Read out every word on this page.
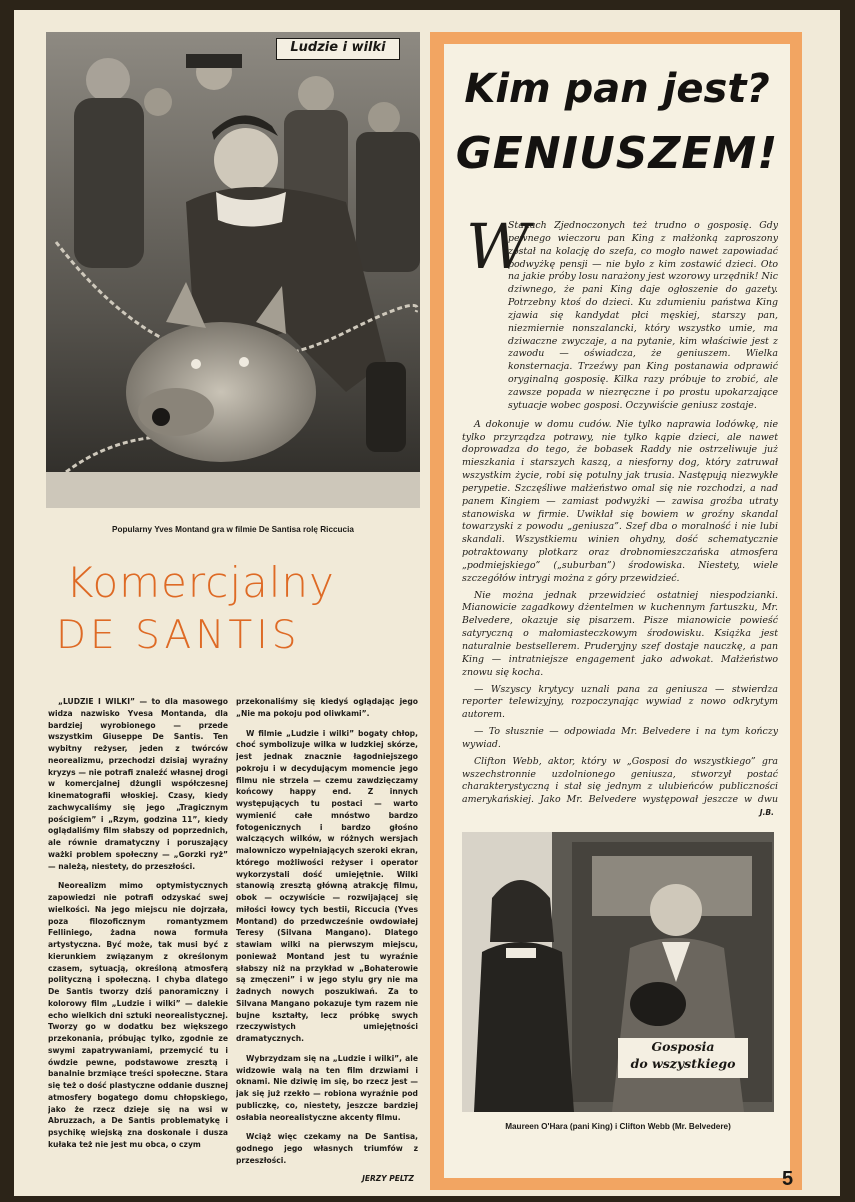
Ludzie i wilki
Popularny Yves Montand gra w filmie De Santisa rolę Riccucia
Komercjalny
DE SANTIS

„LUDZIE I WILKI” — to dla masowego widza nazwisko Yvesa Montanda, dla bardziej wyrobionego — przede wszystkim Giuseppe De Santis. Ten wybitny reżyser, jeden z twórców neorealizmu, przechodzi dzisiaj wyraźny kryzys — nie potrafi znaleźć własnej drogi w komercjalnej dżungli współczesnej kinematografii włoskiej. Czasy, kiedy zachwycaliśmy się jego „Tragicznym pościgiem” i „Rzym, godzina 11”, kiedy oglądaliśmy film słabszy od poprzednich, ale równie dramatyczny i poruszający ważki problem społeczny — „Gorzki ryż” — należą, niestety, do przeszłości.

Neorealizm mimo optymistycznych zapowiedzi nie potrafi odzyskać swej wielkości. Na jego miejscu nie dojrzała, poza filozoficznym romantyzmem Felliniego, żadna nowa formuła artystyczna. Być może, tak musi być z kierunkiem związanym z określonym czasem, sytuacją, określoną atmosferą polityczną i społeczną. I chyba dlatego De Santis tworzy dziś panoramiczny i kolorowy film „Ludzie i wilki” — dalekie echo wielkich dni sztuki neorealistycznej. Tworzy go w dodatku bez większego przekonania, próbując tylko, zgodnie ze swymi zapatrywaniami, przemycić tu i ówdzie pewne, podstawowe zresztą i banalnie brzmiące treści społeczne. Stara się też o dość plastyczne oddanie dusznej atmosfery bogatego domu chłopskiego, jako że rzecz dzieje się na wsi w Abruzzach, a De Santis problematykę i psychikę wiejską zna doskonale i dusza kułaka też nie jest mu obca, o czym

przekonaliśmy się kiedyś oglądając jego „Nie ma pokoju pod oliwkami”.

W filmie „Ludzie i wilki” bogaty chłop, choć symbolizuje wilka w ludzkiej skórze, jest jednak znacznie łagodniejszego pokroju i w decydującym momencie jego filmu nie strzela — czemu zawdzięczamy końcowy happy end. Z innych występujących tu postaci — warto wymienić całe mnóstwo bardzo fotogenicznych i bardzo głośno walczących wilków, w różnych wersjach malowniczo wypełniających szeroki ekran, którego możliwości reżyser i operator wykorzystali dość umiejętnie. Wilki stanowią zresztą główną atrakcję filmu, obok — oczywiście — rozwijającej się miłości łowcy tych bestii, Riccucia (Yves Montand) do przedwcześnie owdowiałej Teresy (Silvana Mangano). Dlatego stawiam wilki na pierwszym miejscu, ponieważ Montand jest tu wyraźnie słabszy niż na przykład w „Bohaterowie są zmęczeni” i w jego stylu gry nie ma żadnych nowych poszukiwań. Za to Silvana Mangano pokazuje tym razem nie bujne kształty, lecz próbkę swych rzeczywistych umiejętności dramatycznych.

Wybrzydzam się na „Ludzie i wilki”, ale widzowie walą na ten film drzwiami i oknami. Nie dziwię im się, bo rzecz jest — jak się już rzekło — robiona wyraźnie pod publiczkę, co, niestety, jeszcze bardziej osłabia neorealistyczne akcenty filmu.

Wciąż więc czekamy na De Santisa, godnego jego własnych triumfów z przeszłości.

JERZY PELTZ
Kim pan jest?
GENIUSZEM!
W

Stanach Zjednoczonych też trudno o gosposię. Gdy pewnego wieczoru pan King z małżonką zaproszony został na kolację do szefa, co mogło nawet zapowiadać podwyżkę pensji — nie było z kim zostawić dzieci. Oto na jakie próby losu narażony jest wzorowy urzędnik! Nic dziwnego, że pani King daje ogłoszenie do gazety. Potrzebny ktoś do dzieci. Ku zdumieniu państwa King zjawia się kandydat płci męskiej, starszy pan, niezmiernie nonszalancki, który wszystko umie, ma dziwaczne zwyczaje, a na pytanie, kim właściwie jest z zawodu — oświadcza, że geniuszem. Wielka konsternacja. Trzeźwy pan King postanawia odprawić oryginalną gosposię. Kilka razy próbuje to zrobić, ale zawsze popada w niezręczne i po prostu upokarzające sytuacje wobec gosposi. Oczywiście geniusz zostaje.

A dokonuje w domu cudów. Nie tylko naprawia lodówkę, nie tylko przyrządza potrawy, nie tylko kąpie dzieci, ale nawet doprowadza do tego, że bobasek Raddy nie ostrzeliwuje już mieszkania i starszych kaszą, a niesforny dog, który zatruwał wszystkim życie, robi się potulny jak trusia. Następują niezwykłe perypetie. Szczęśliwe małżeństwo omal się nie rozchodzi, a nad panem Kingiem — zamiast podwyżki — zawisa groźba utraty stanowiska w firmie. Uwikłał się bowiem w groźny skandal towarzyski z powodu „geniusza”. Szef dba o moralność i nie lubi skandali. Wszystkiemu winien ohydny, dość schematycznie potraktowany plotkarz oraz drobnomieszczańska atmosfera „podmiejskiego” („suburban”) środowiska. Niestety, wiele szczegółów intrygi można z góry przewidzieć.

Nie można jednak przewidzieć ostatniej niespodzianki. Mianowicie zagadkowy dżentelmen w kuchennym fartuszku, Mr. Belvedere, okazuje się pisarzem. Pisze mianowicie powieść satyryczną o małomiasteczkowym środowisku. Książka jest naturalnie bestsellerem. Pruderyjny szef dostaje nauczkę, a pan King — intratniejsze engagement jako adwokat. Małżeństwo znowu się kocha.

— Wszyscy krytycy uznali pana za geniusza — stwierdza reporter telewizyjny, rozpoczynając wywiad z nowo odkrytym autorem.

— To słusznie — odpowiada Mr. Belvedere i na tym kończy wywiad.

Clifton Webb, aktor, który w „Gosposi do wszystkiego” gra wszechstronnie uzdolnionego geniusza, stworzył postać charakterystyczną i stał się jednym z ulubieńców publiczności amerykańskiej. Jako Mr. Belvedere występował jeszcze w dwu

J.B.
Gosposia
do wszystkiego
Maureen O'Hara (pani King) i Clifton Webb (Mr. Belvedere)
5
